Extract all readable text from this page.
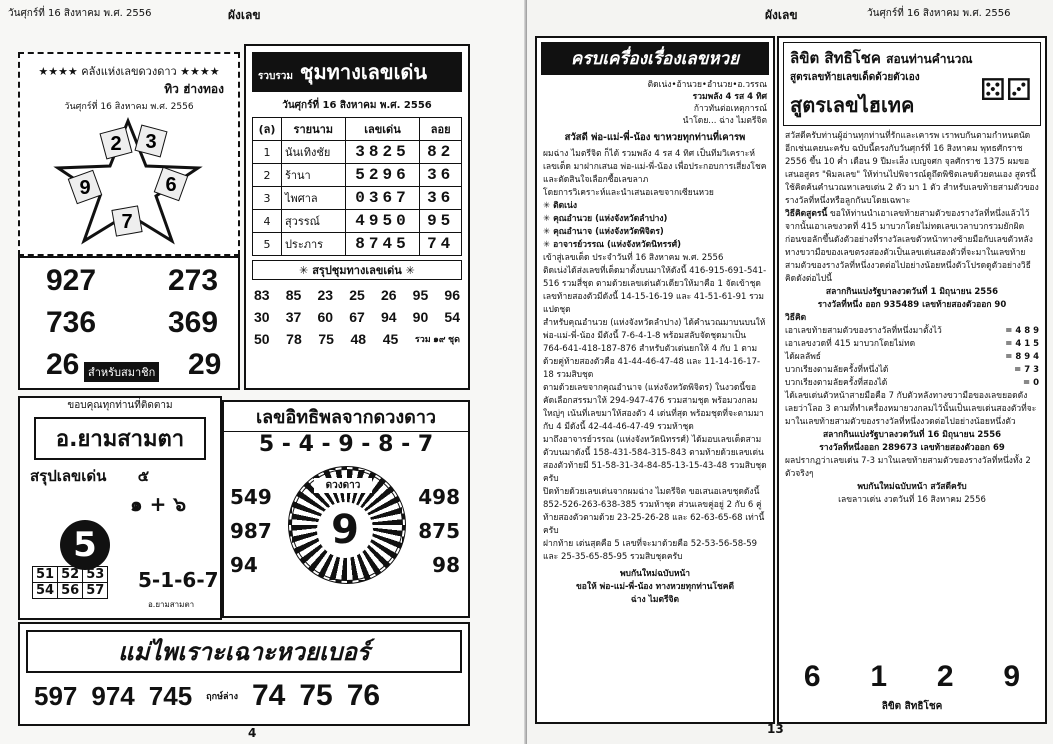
วันศุกร์ที่ 16 สิงหาคม พ.ศ. 2556	ผังเลข
★★★★ คลังแห่งเลขดวงดาว ★★★★
ทิว ฮ่างทอง
วันศุกร์ที่ 16 สิงหาคม พ.ศ. 2556
2 3
6
7
9
927 273
736 369
26 สำหรับสมาชิก 29
รวบรวม ชุมทางเลขเด่น
วันศุกร์ที่ 16 สิงหาคม พ.ศ. 2556
(ล)	รายนาม	เลขเด่น	ลอย
1	นันเทิงชัย	3825	82
2	ร้านา	5296	36
3	ไพศาล	0367	36
4	สุวรรณ์	4950	95
5	ประภาร	8745	74
✳ สรุปชุมทางเลขเด่น ✳
83 85 23 25 26 95 96
30 37 60 67 94 90 54
50 78 75 48 45 รวม ๑๙ ชุด
ขอบคุณทุกท่านที่ติดตาม
อ.ยามสามตา
สรุปเลขเด่น ๕
๑ + ๖
5
51	52	53
54	56	57 5-1-6-7
อ.ยามสามตา
เลขอิทธิพลจากดวงดาว
5 - 4 - 9 - 8 - 7
549
987
94
498
875
98
ดวงดาว
9
แม่ไพเราะเฉาะหวยเบอร์
597 974 745 ฤกษ์ล่าง 74 75 76
4
ผังเลข	วันศุกร์ที่ 16 สิงหาคม พ.ศ. 2556
ครบเครื่องเรื่องเลขหวย
ติดเน่ง•อ้านวย•อำนวย•อ.วรรณ
รวมพลัง 4 รส 4 ทิศ
ก้าวทันต่อเหตุการณ์
นำโดย... ฉ่าง ไมตรีจิต
สวัสดี พ่อ-แม่-พี่-น้อง ขาหวยทุกท่านที่เคารพ
ผมฉ่าง ไมตรีจิต ก็ได้ รวมพลัง 4 รส 4 ทิศ เป็นทีมวิเคราะห์เลขเด็ด มาฝากเสนอ พ่อ-แม่-พี่-น้อง เพื่อประกอบการเสี่ยงโชคและตัดสินใจเลือกซื้อเลขลาภ
โดยการวิเคราะห์และนำเสนอเลขจากเซียนหวย
✳ ติดเน่ง
✳ คุณอำนวย (แห่งจังหวัดลำปาง)
✳ คุณอำนาจ (แห่งจังหวัดพิจิตร)
✳ อาจารย์วรรณ (แห่งจังหวัดนิทรรศ์)
เข้าสู่เลขเด็ด ประจำวันที่ 16 สิงหาคม พ.ศ. 2556
ติดเน่งได้ส่งเลขที่เด็ดมาตั้งบนมาให้ดังนี้ 416-915-691-541-516 รวมสี่ชุด ตามด้วยเลขเด่นตัวเดียวให้มาคือ 1 จัดเข้าชุดเลขท้ายสองตัวมีดังนี้ 14-15-16-19 และ 41-51-61-91 รวมแปดชุด
สำหรับคุณอำนวย (แห่งจังหวัดลำปาง) ได้คำนวณมาบนบนให้ พ่อ-แม่-พี่-น้อง มีดังนี้ 7-6-4-1-8 พร้อมสลับจัดชุดมาเป็น 764-641-418-187-876 สำหรับตัวเด่นยกให้ 4 กับ 1 ตามด้วยคู่ท้ายสองตัวคือ 41-44-46-47-48 และ 11-14-16-17-18 รวมสิบชุด
ตามด้วยเลขจากคุณอำนาจ (แห่งจังหวัดพิจิตร) ในงวดนี้ขอคัดเลือกสรรมาให้ 294-947-476 รวมสามชุด พร้อมวงกลมใหญ่ๆ เน้นที่เลขมาให้สองตัว 4 เด่นที่สุด พร้อมชุดที่จะตามมากับ 4 มีดังนี้ 42-44-46-47-49 รวมห้าชุด
มาถึงอาจารย์วรรณ (แห่งจังหวัดนิทรรศ์) ได้มอบเลขเด็ดสามตัวบนมาดังนี้ 158-431-584-315-843 ตามท้ายด้วยเลขเด่นสองตัวท้ายมี 51-58-31-34-84-85-13-15-43-48 รวมสิบชุดครับ
ปิดท้ายด้วยเลขเด่นจากผมฉ่าง ไมตรีจิต ขอเสนอเลขชุดดังนี้ 852-526-263-638-385 รวมห้าชุด ส่วนเลขคู่อยู่ 2 กับ 6 คู่ท้ายสองตัวตามด้วย 23-25-26-28 และ 62-63-65-68 เท่านี้ครับ
ฝากท้าย เด่นสุดคือ 5 เลขที่จะมาด้วยคือ 52-53-56-58-59 และ 25-35-65-85-95 รวมสิบชุดครับ
พบกันใหม่ฉบับหน้า
ขอให้ พ่อ-แม่-พี่-น้อง ทางหวยทุกท่านโชคดี
ฉ่าง ไมตรีจิต
ลิขิต สิทธิโชค สอนท่านคำนวณ
สูตรเลขท้ายเลขเด็ดด้วยตัวเอง
สูตรเลขไฮเทค	⚄⚂
สวัสดีครับท่านผู้อ่านทุกท่านที่รักและเคารพ เราพบกันตามกำหนดนัดอีกเช่นเคยนะครับ ฉบับนี้ตรงกับวันศุกร์ที่ 16 สิงหาคม พุทธศักราช 2556 ขึ้น 10 ค่ำ เดือน 9 ปีมะเส็ง เบญจศก จุลศักราช 1375 ผมขอเสนอสูตร "พิมลเลข" ให้ท่านไปพิจารณ์ดูถึดพิชิตเลขด้วยตนเอง สูตรนี้ใช้คิดค้นคำนวณหาเลขเด่น 2 ตัว มา 1 ตัว สำหรับเลขท้ายสามตัวของรางวัลที่หนึ่งหรือลูกกันบโดยเฉพาะ
วิธีคิดสูตรนี้ ขอให้ท่านนำเอาเลขท้ายสามตัวของรางวัลที่หนึ่งแล้วไว้ จากนั้นเอาเลขงวดที่ 415 มาบวกโดยไม่ทดเลขเวลาบวกรวมยักผิดก่อนขอลักขึ้นดังตัวอย่างที่รางวัลเลขตัวหน้าทางซ้ายมือกับเลขตัวหลังทางขวามือของเลขตรงสองตัวเป็นเลขเด่นสองตัวที่จะมาในเลขท้ายสามตัวของรางวัลที่หนึ่งงวดต่อไปอย่างน้อยหนึ่งตัวโปรดดูตัวอย่างวิธีคิดดังต่อไปนี้
สลากกินแบ่งรัฐบาลงวดวันที่ 1 มิถุนายน 2556
รางวัลที่หนึ่ง ออก 935489 เลขท้ายสองตัวออก 90
วิธีคิด
เอาเลขท้ายสามตัวของรางวัลที่หนึ่งมาตั้งไว้	= 4 8 9
เอาเลขงวดที่ 415 มาบวกโดยไม่ทด	= 4 1 5
ได้ผลลัพธ์	= 8 9 4
บวกเรียงตามลัยครั้งที่หนึ่งได้	= 7 3
บวกเรียงตามลัยครั้งที่สองได้	= 0
ได้เลขเด่นตัวหน้าสายมือคือ 7 กับตัวหลังทางขวามือของเลขยอดดังเลยว่าโลอ 3 ตามที่ทำเครื่องหมายวงกลมไว้นั้นเป็นเลขเด่นสองตัวที่จะมาในเลขท้ายสามตัวของรางวัลที่หนึ่งงวดต่อไปอย่างน้อยหนึ่งตัว
สลากกินแบ่งรัฐบาลงวดวันที่ 16 มิถุนายน 2556
รางวัลที่หนึ่งออก 289673 เลขท้ายสองตัวออก 69
ผลปรากฏว่าเลขเด่น 7-3 มาในเลขท้ายสามตัวของรางวัลที่หนึ่งทั้ง 2 ตัวจริงๆ
พบกันใหม่ฉบับหน้า สวัสดีครับ
เลขลาวเด่น งวดวันที่ 16 สิงหาคม 2556
6 1 2 9
ลิขิต สิทธิโชค
13
